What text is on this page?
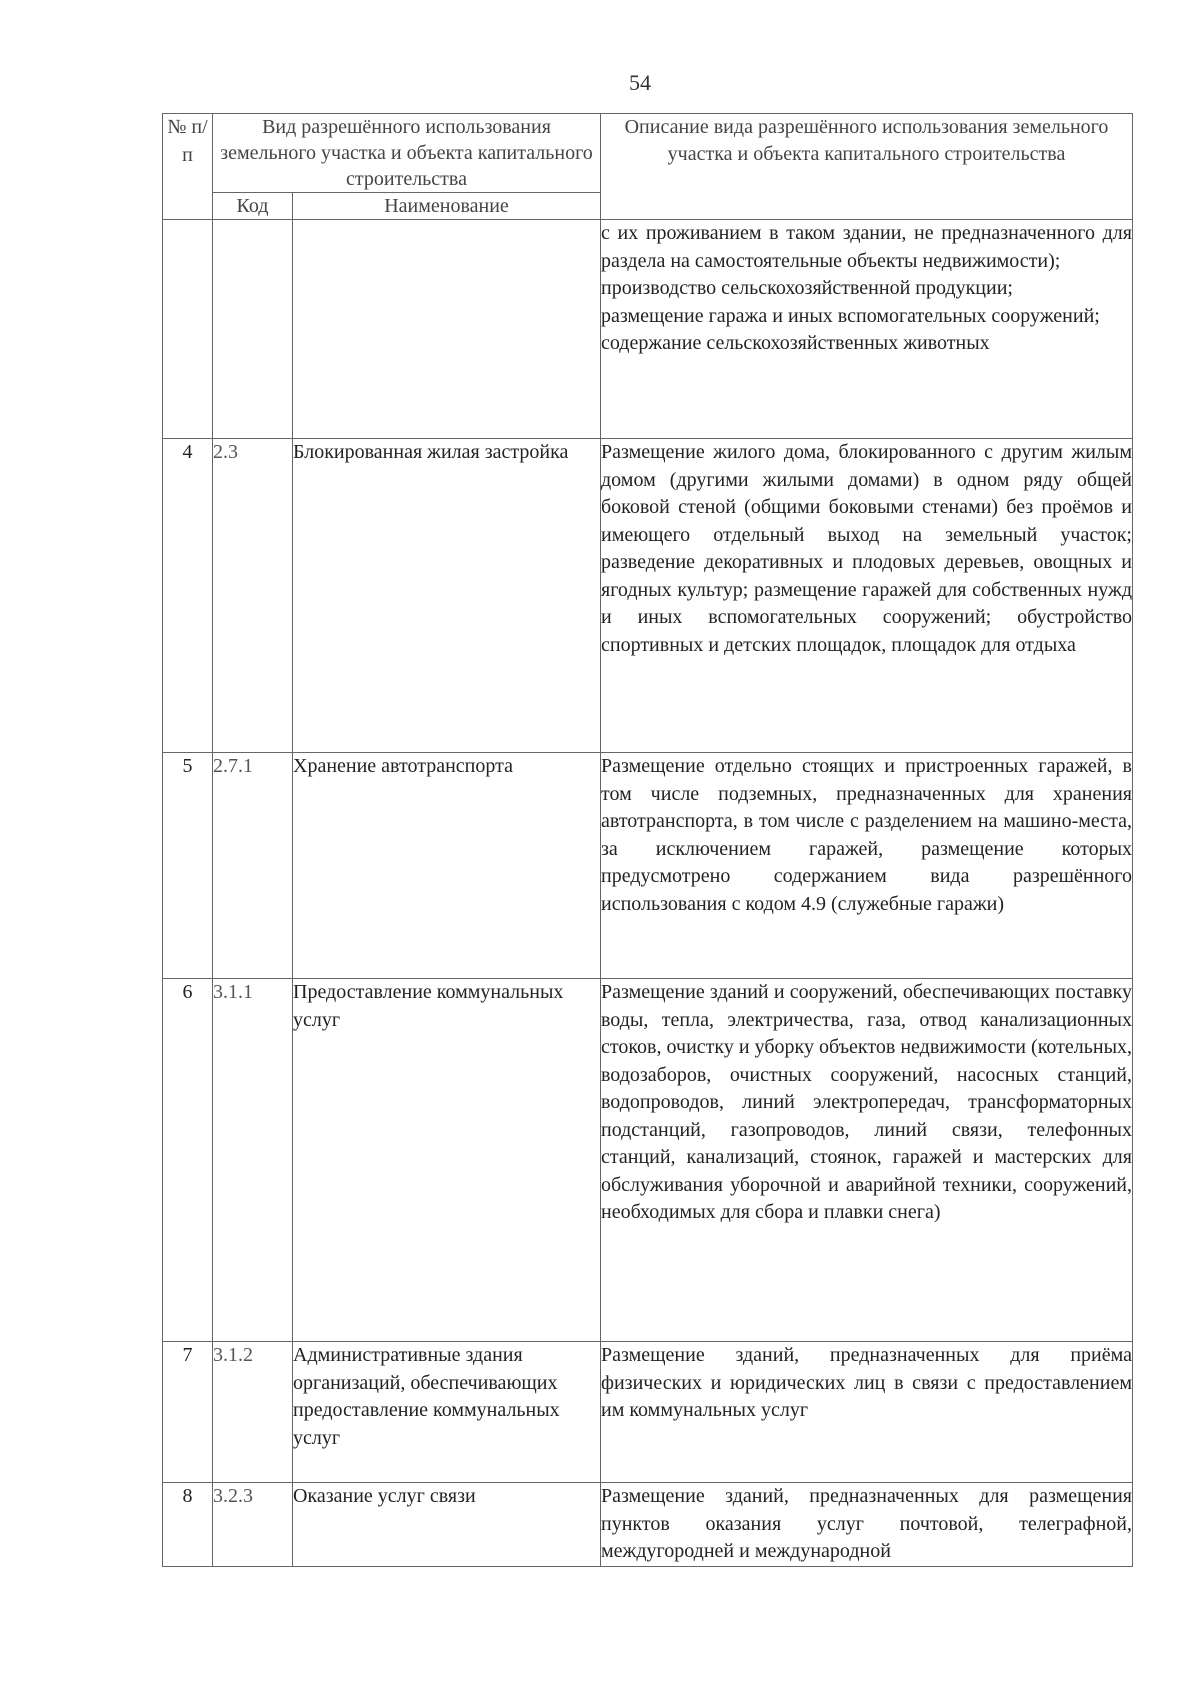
54
№ п/п	Вид разрешённого использования земельного участка и объекта капитального строительства		Описание вида разрешённого использования земельного участка и объекта капитального строительства
	Код	Наименование	

			с их проживанием в таком здании, не предназначенного для раздела на самостоятельные объекты недвижимости);
производство сельскохозяйственной продукции;
размещение гаража и иных вспомогательных сооружений;
содержание сельскохозяйственных животных

4	2.3	Блокированная жилая застройка	Размещение жилого дома, блокированного с другим жилым домом (другими жилыми домами) в одном ряду общей боковой стеной (общими боковыми стенами) без проёмов и имеющего отдельный выход на земельный участок; разведение декоративных и плодовых деревьев, овощных и ягодных культур; размещение гаражей для собственных нужд и иных вспомогательных сооружений; обустройство спортивных и детских площадок, площадок для отдыха

5	2.7.1	Хранение автотранспорта	Размещение отдельно стоящих и пристроенных гаражей, в том числе подземных, предназначенных для хранения автотранспорта, в том числе с разделением на машино-места, за исключением гаражей, размещение которых предусмотрено содержанием вида разрешённого использования с кодом 4.9 (служебные гаражи)

6	3.1.1	Предоставление коммунальных услуг	Размещение зданий и сооружений, обеспечивающих поставку воды, тепла, электричества, газа, отвод канализационных стоков, очистку и уборку объектов недвижимости (котельных, водозаборов, очистных сооружений, насосных станций, водопроводов, линий электропередач, трансформаторных подстанций, газопроводов, линий связи, телефонных станций, канализаций, стоянок, гаражей и мастерских для обслуживания уборочной и аварийной техники, сооружений, необходимых для сбора и плавки снега)

7	3.1.2	Административные здания организаций, обеспечивающих предоставление коммунальных услуг	Размещение зданий, предназначенных для приёма физических и юридических лиц в связи с предоставлением им коммунальных услуг

8	3.2.3	Оказание услуг связи	Размещение зданий, предназначенных для размещения пунктов оказания услуг почтовой, телеграфной, междугородней и международной
